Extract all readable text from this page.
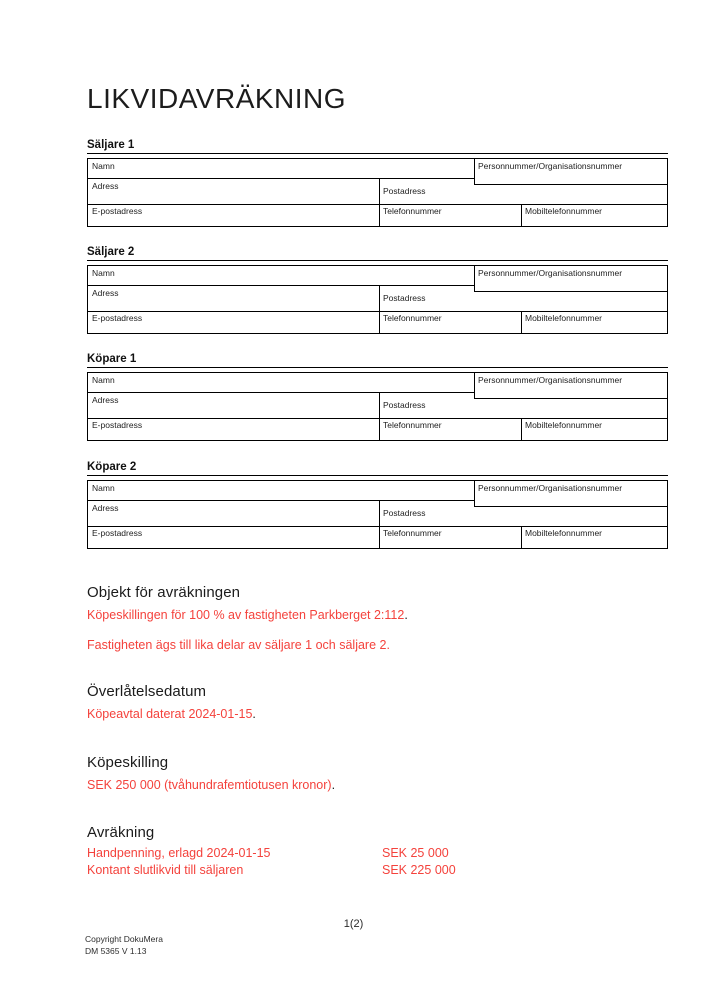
LIKVIDAVRÄKNING
Säljare 1
Namn	Personnummer/Organisationsnummer
Adress	Postadress
E-postadress	Telefonnummer	Mobiltelefonnummer
Säljare 2
Namn	Personnummer/Organisationsnummer
Adress	Postadress
E-postadress	Telefonnummer	Mobiltelefonnummer
Köpare 1
Namn	Personnummer/Organisationsnummer
Adress	Postadress
E-postadress	Telefonnummer	Mobiltelefonnummer
Köpare 2
Namn	Personnummer/Organisationsnummer
Adress	Postadress
E-postadress	Telefonnummer	Mobiltelefonnummer
Objekt för avräkningen
Köpeskillingen för 100 % av fastigheten Parkberget 2:112.
Fastigheten ägs till lika delar av säljare 1 och säljare 2.
Överlåtelsedatum
Köpeavtal daterat 2024-01-15.
Köpeskilling
SEK 250 000 (tvåhundrafemtiotusen kronor).
Avräkning
Handpenning, erlagd 2024-01-15	SEK 25 000
Kontant slutlikvid till säljaren	SEK 225 000
1(2)
Copyright DokuMera
DM 5365 V 1.13
